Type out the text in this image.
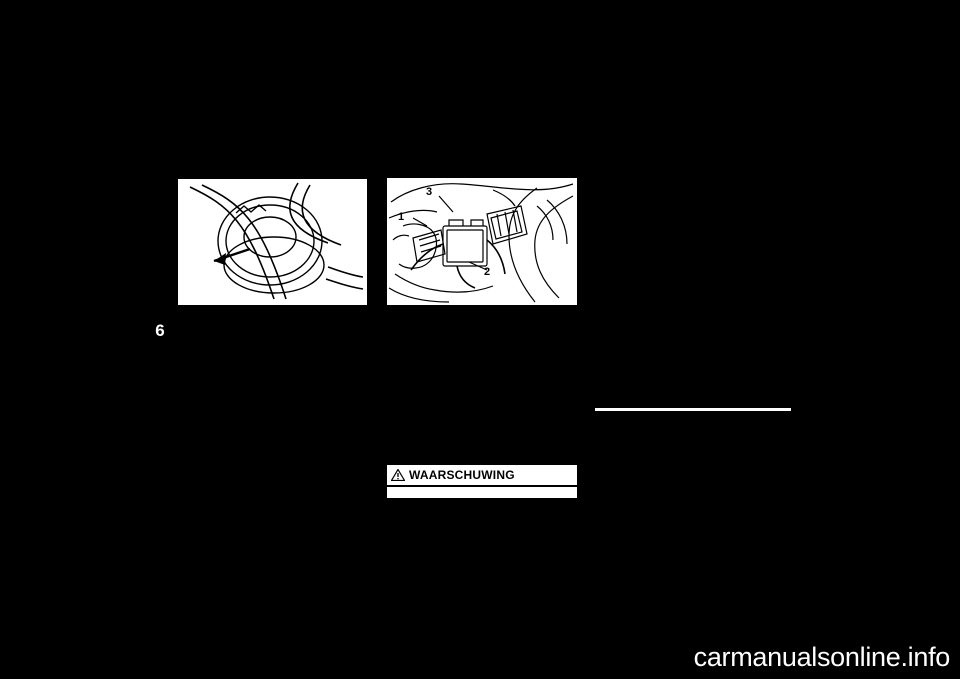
6
1
2
3
WAARSCHUWING
carmanualsonline.info
